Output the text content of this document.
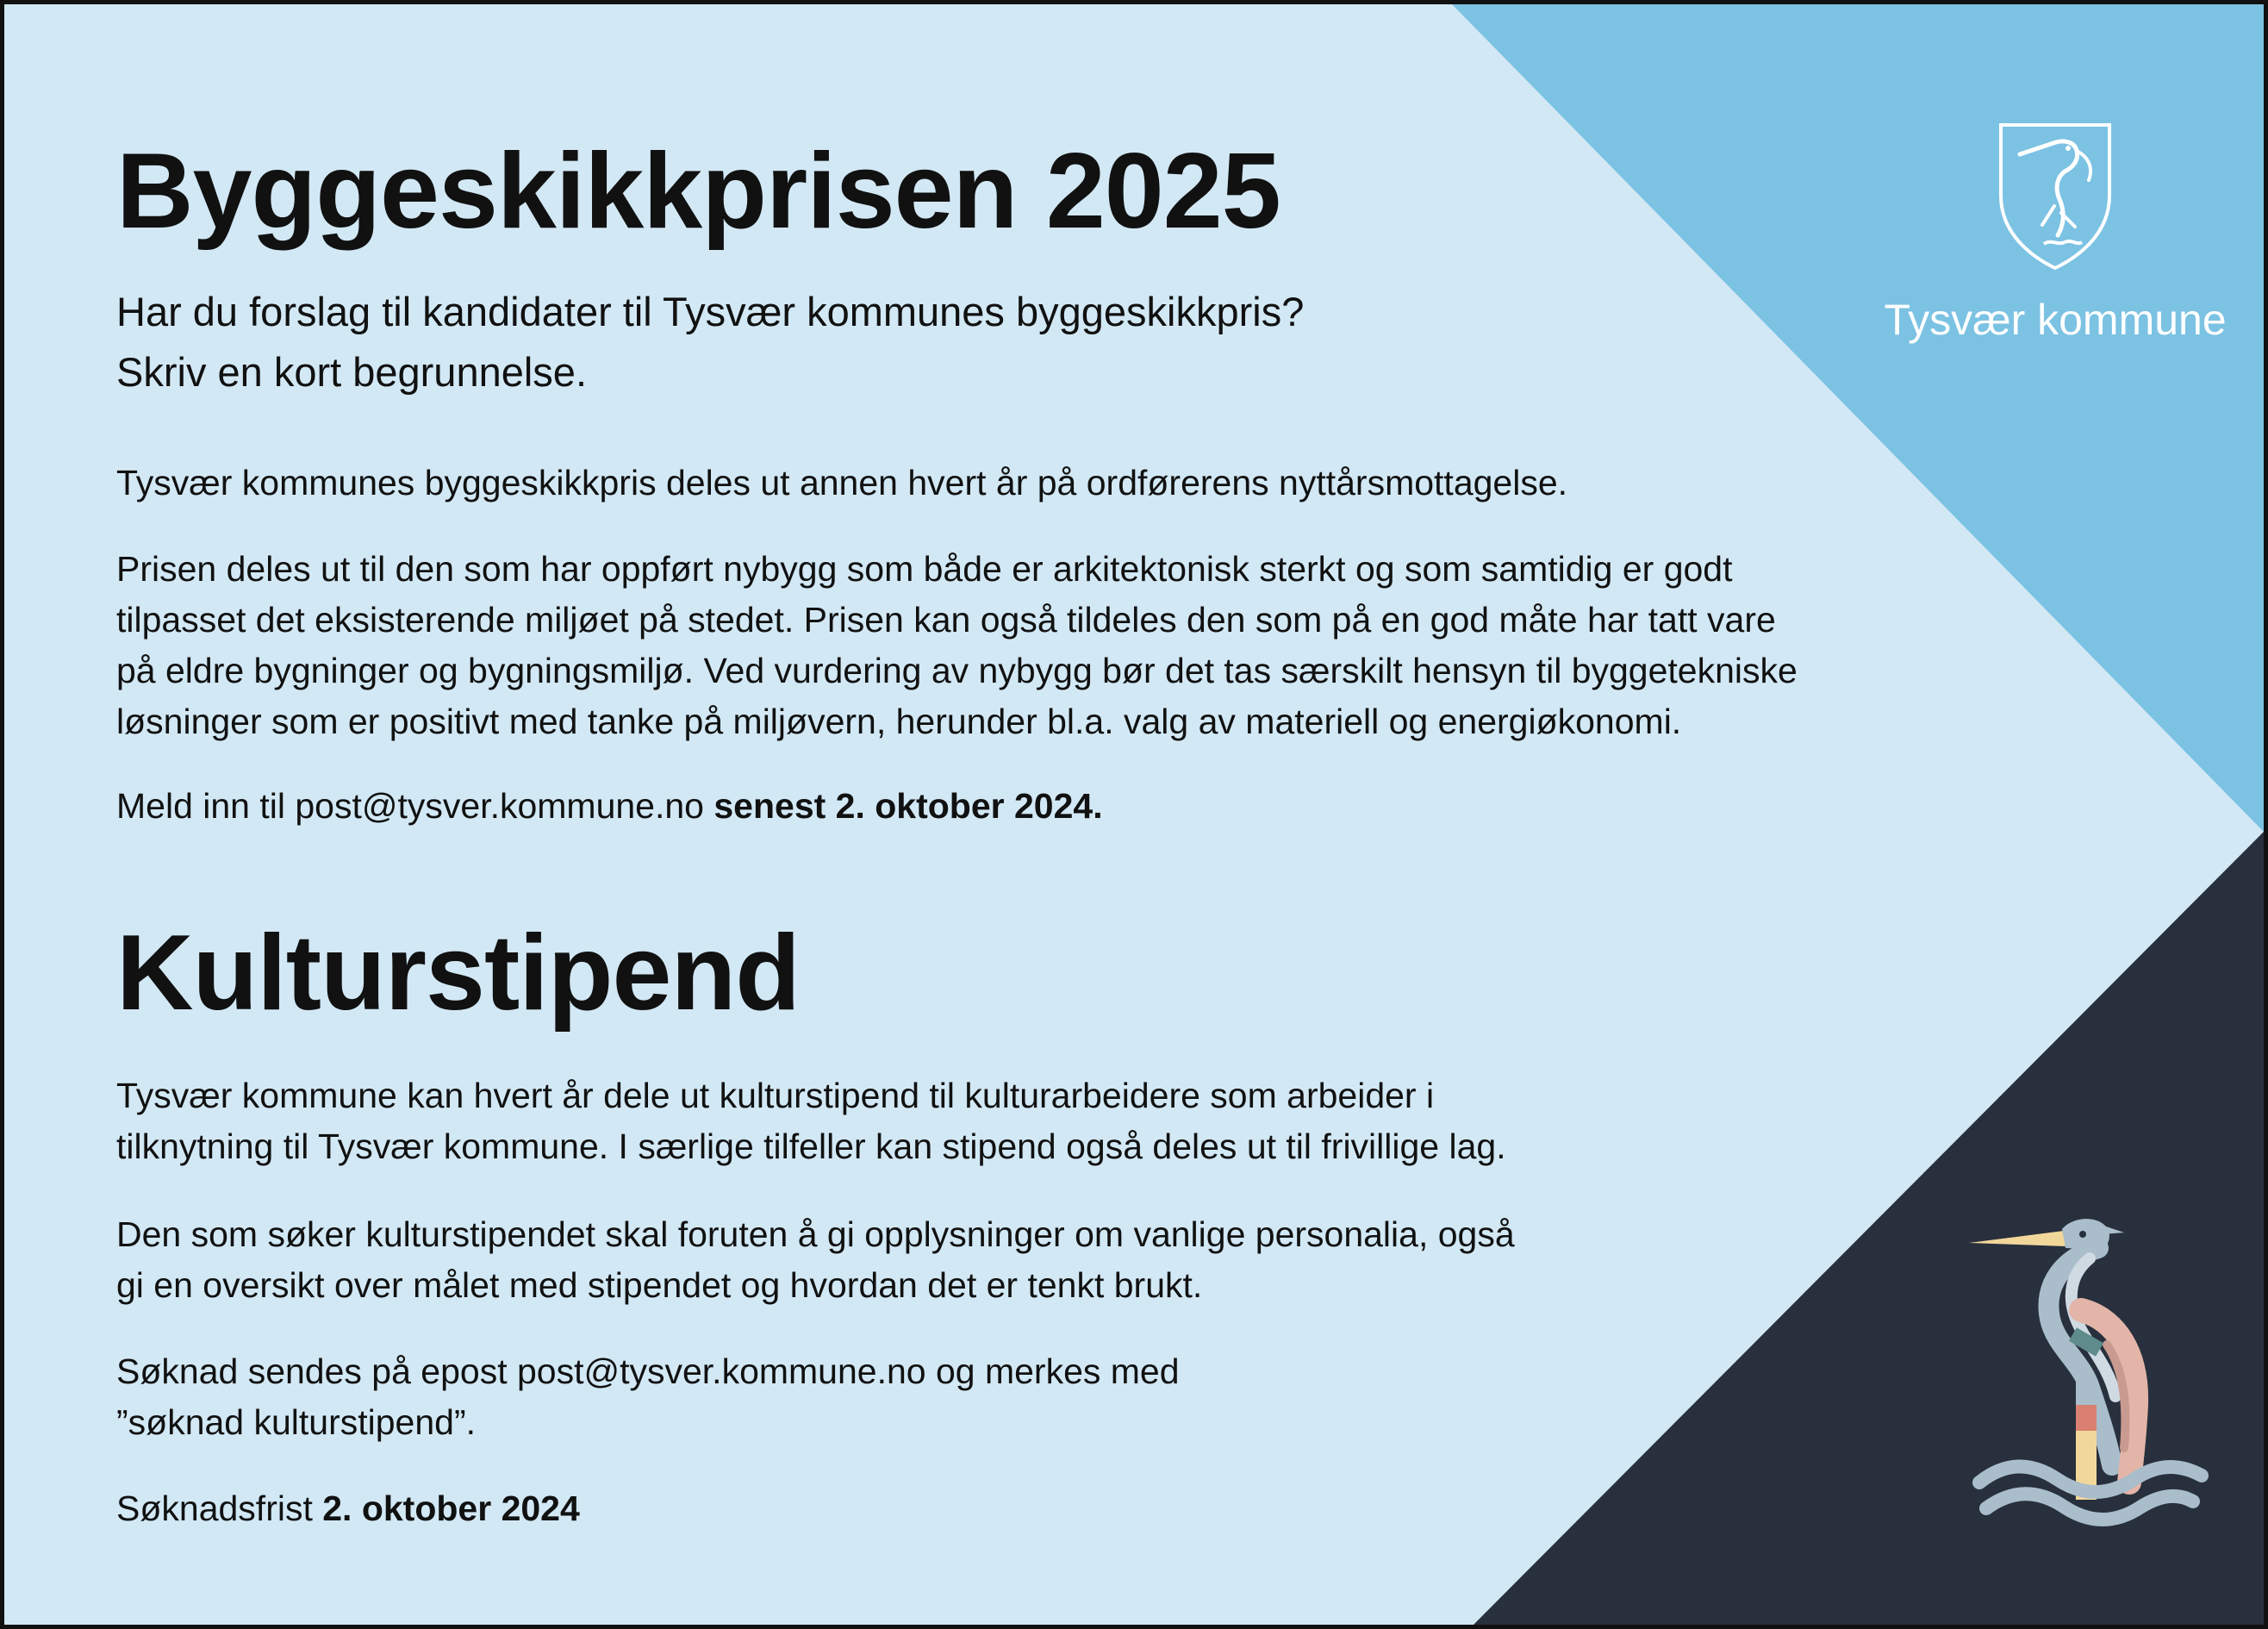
Tysvær kommune
Byggeskikkprisen 2025
Har du forslag til kandidater til Tysvær kommunes byggeskikkpris?
Skriv en kort begrunnelse.
Tysvær kommunes byggeskikkpris deles ut annen hvert år på ordførerens nyttårsmottagelse.
Prisen deles ut til den som har oppført nybygg som både er arkitektonisk sterkt og som samtidig er godt
tilpasset det eksisterende miljøet på stedet. Prisen kan også tildeles den som på en god måte har tatt vare
på eldre bygninger og bygningsmiljø. Ved vurdering av nybygg bør det tas særskilt hensyn til byggetekniske
løsninger som er positivt med tanke på miljøvern, herunder bl.a. valg av materiell og energiøkonomi.
Meld inn til post@tysver.kommune.no senest 2. oktober 2024.
Kulturstipend
Tysvær kommune kan hvert år dele ut kulturstipend til kulturarbeidere som arbeider i
tilknytning til Tysvær kommune. I særlige tilfeller kan stipend også deles ut til frivillige lag.
Den som søker kulturstipendet skal foruten å gi opplysninger om vanlige personalia, også
gi en oversikt over målet med stipendet og hvordan det er tenkt brukt.
Søknad sendes på epost post@tysver.kommune.no og merkes med
”søknad kulturstipend”.
Søknadsfrist 2. oktober 2024
